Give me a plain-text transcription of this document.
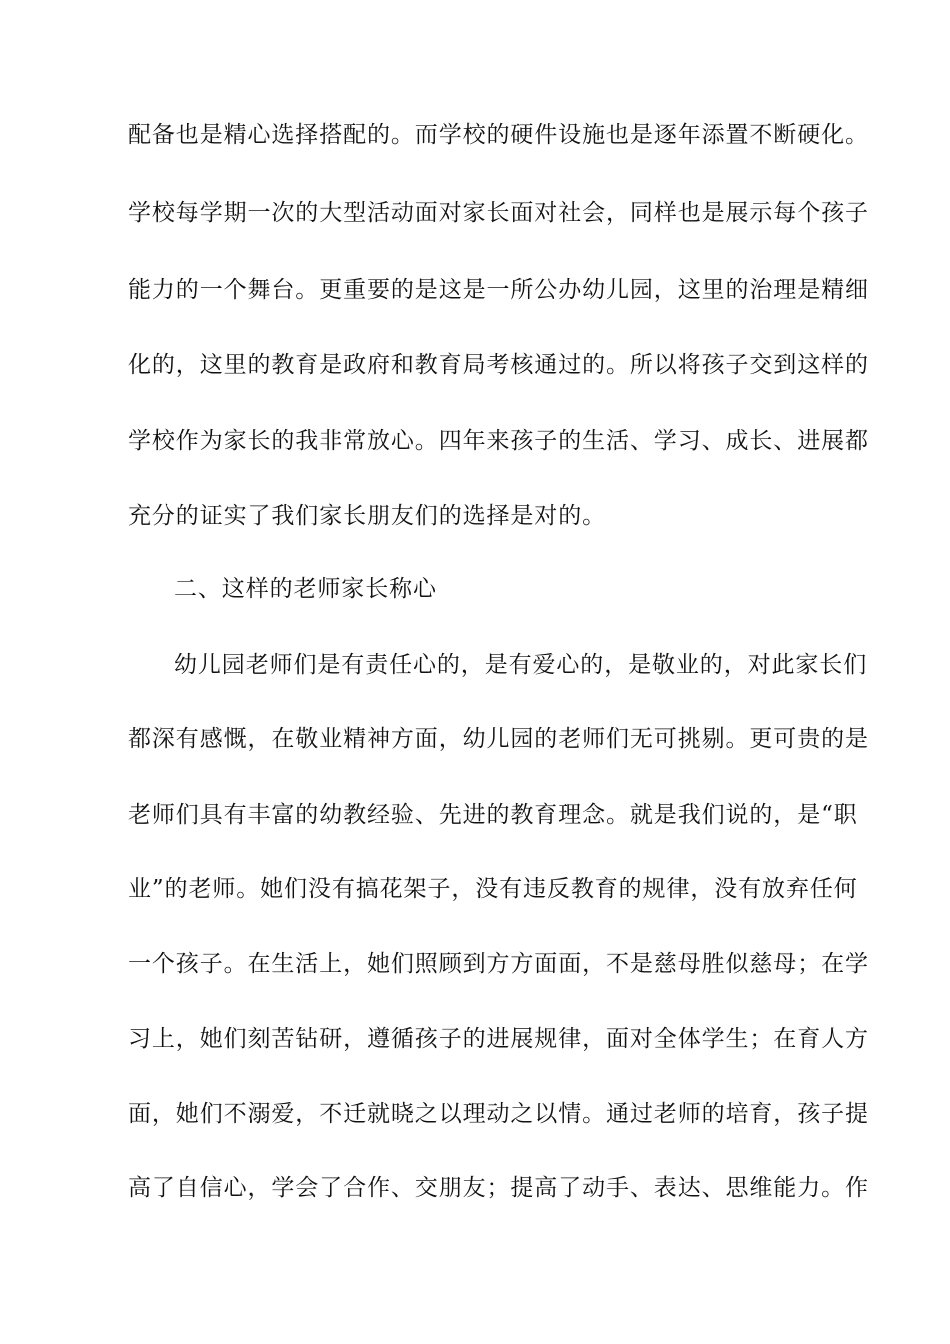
配备也是精心选择搭配的。而学校的硬件设施也是逐年添置不断硬化。
学校每学期一次的大型活动面对家长面对社会，同样也是展示每个孩子
能力的一个舞台。更重要的是这是一所公办幼儿园，这里的治理是精细
化的，这里的教育是政府和教育局考核通过的。所以将孩子交到这样的
学校作为家长的我非常放心。四年来孩子的生活、学习、成长、进展都
充分的证实了我们家长朋友们的选择是对的。
二、这样的老师家长称心
幼儿园老师们是有责任心的，是有爱心的，是敬业的，对此家长们
都深有感慨，在敬业精神方面，幼儿园的老师们无可挑剔。更可贵的是
老师们具有丰富的幼教经验、先进的教育理念。就是我们说的，是“职
业”的老师。她们没有搞花架子，没有违反教育的规律，没有放弃任何
一个孩子。在生活上，她们照顾到方方面面，不是慈母胜似慈母；在学
习上，她们刻苦钻研，遵循孩子的进展规律，面对全体学生；在育人方
面，她们不溺爱，不迁就晓之以理动之以情。通过老师的培育，孩子提
高了自信心，学会了合作、交朋友；提高了动手、表达、思维能力。作
